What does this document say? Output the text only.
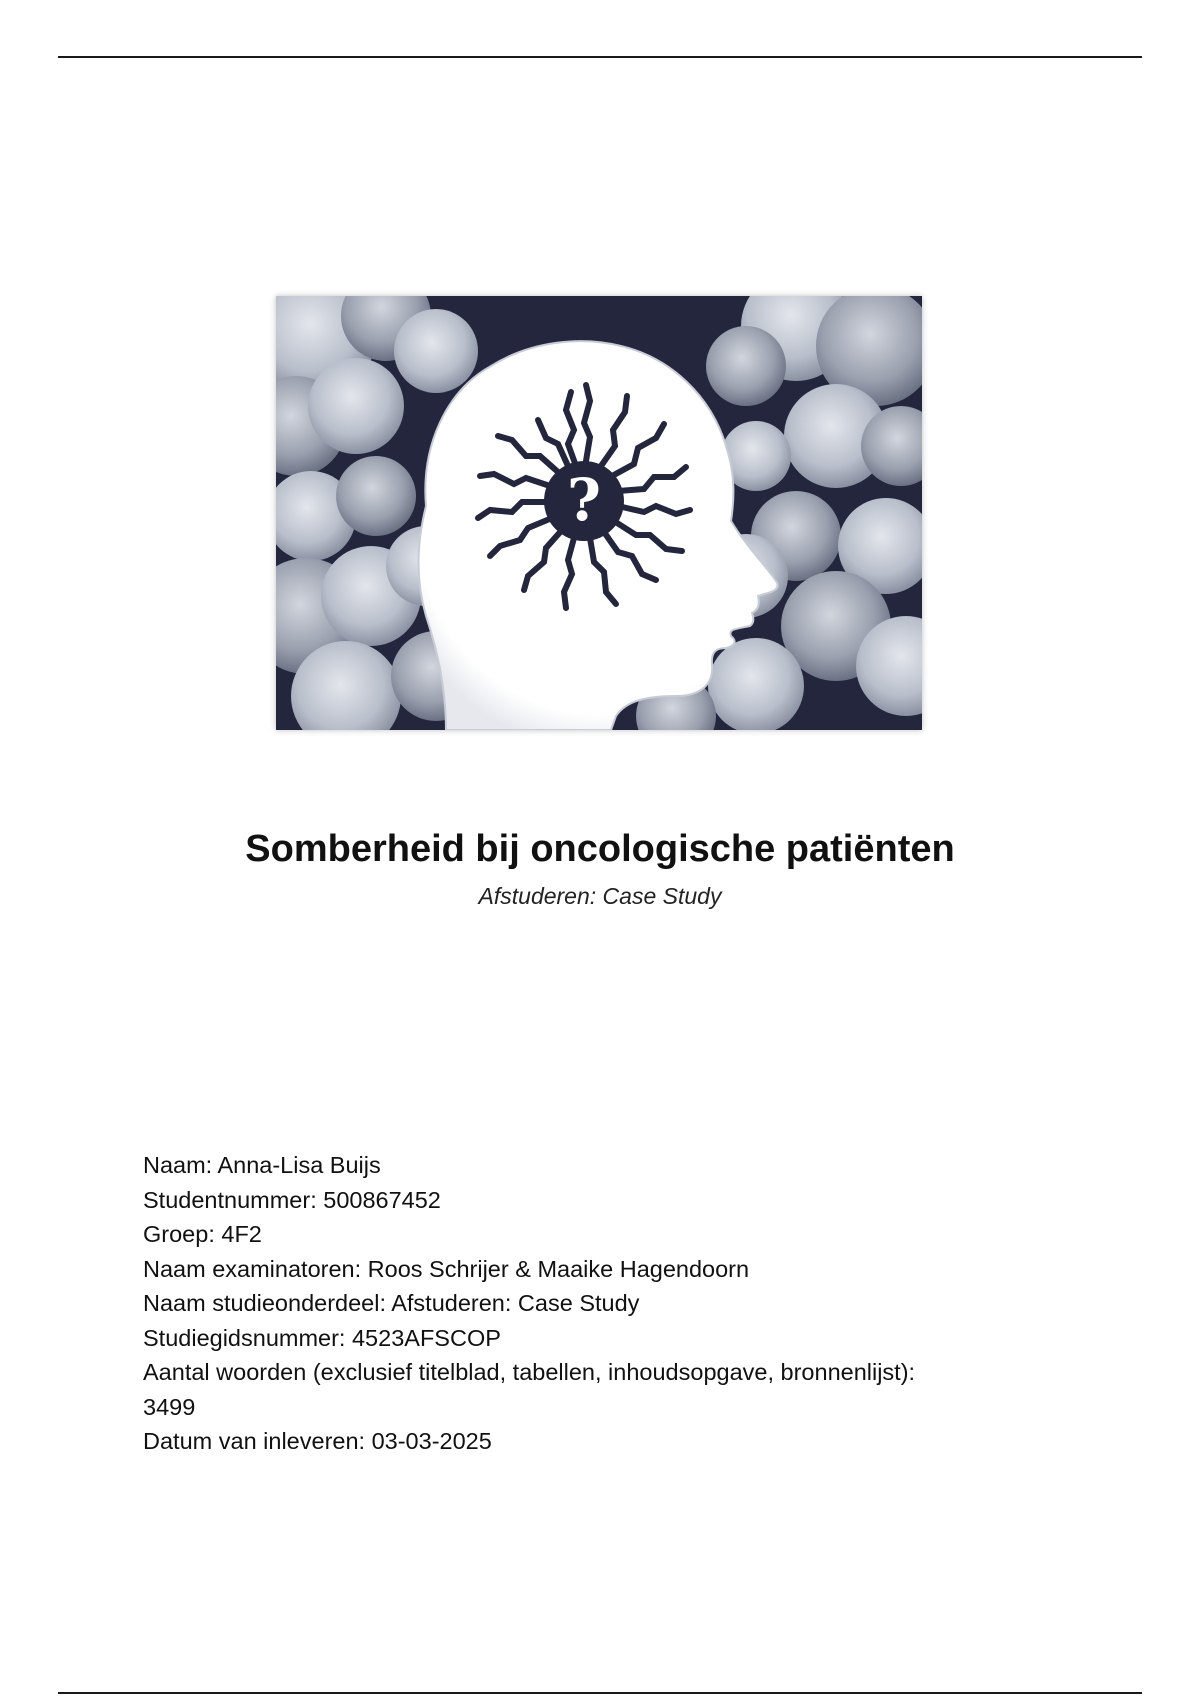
?
Somberheid bij oncologische patiënten
Afstuderen: Case Study
Naam: Anna-Lisa Buijs
Studentnummer: 500867452
Groep: 4F2
Naam examinatoren: Roos Schrijer & Maaike Hagendoorn
Naam studieonderdeel: Afstuderen: Case Study
Studiegidsnummer: 4523AFSCOP
Aantal woorden (exclusief titelblad, tabellen, inhoudsopgave, bronnenlijst):
3499
Datum van inleveren: 03-03-2025
